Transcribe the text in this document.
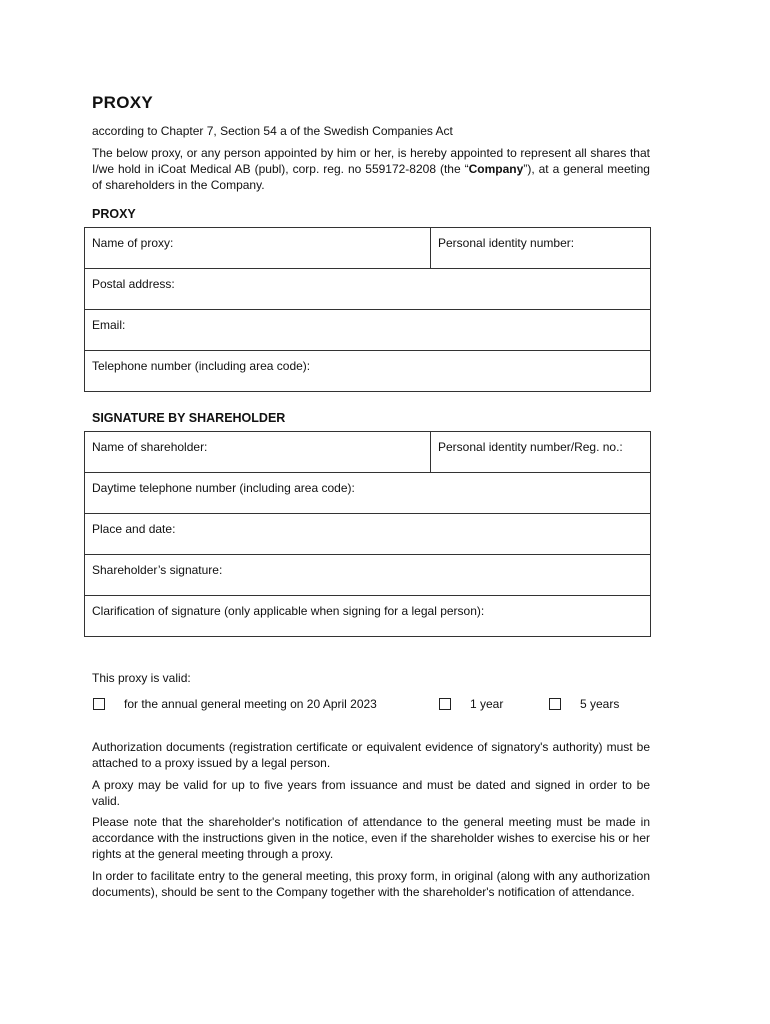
PROXY
according to Chapter 7, Section 54 a of the Swedish Companies Act
The below proxy, or any person appointed by him or her, is hereby appointed to represent all shares that I/we hold in iCoat Medical AB (publ), corp. reg. no 559172-8208 (the “Company”), at a general meeting of shareholders in the Company.
PROXY
Name of proxy:	Personal identity number:
Postal address:
Email:
Telephone number (including area code):
SIGNATURE BY SHAREHOLDER
Name of shareholder:	Personal identity number/Reg. no.:
Daytime telephone number (including area code):
Place and date:
Shareholder’s signature:
Clarification of signature (only applicable when signing for a legal person):
This proxy is valid:
for the annual general meeting on 20 April 2023	1 year	5 years
Authorization documents (registration certificate or equivalent evidence of signatory's authority) must be attached to a proxy issued by a legal person.
A proxy may be valid for up to five years from issuance and must be dated and signed in order to be valid.
Please note that the shareholder's notification of attendance to the general meeting must be made in accordance with the instructions given in the notice, even if the shareholder wishes to exercise his or her rights at the general meeting through a proxy.
In order to facilitate entry to the general meeting, this proxy form, in original (along with any authorization documents), should be sent to the Company together with the shareholder's notification of attendance.
